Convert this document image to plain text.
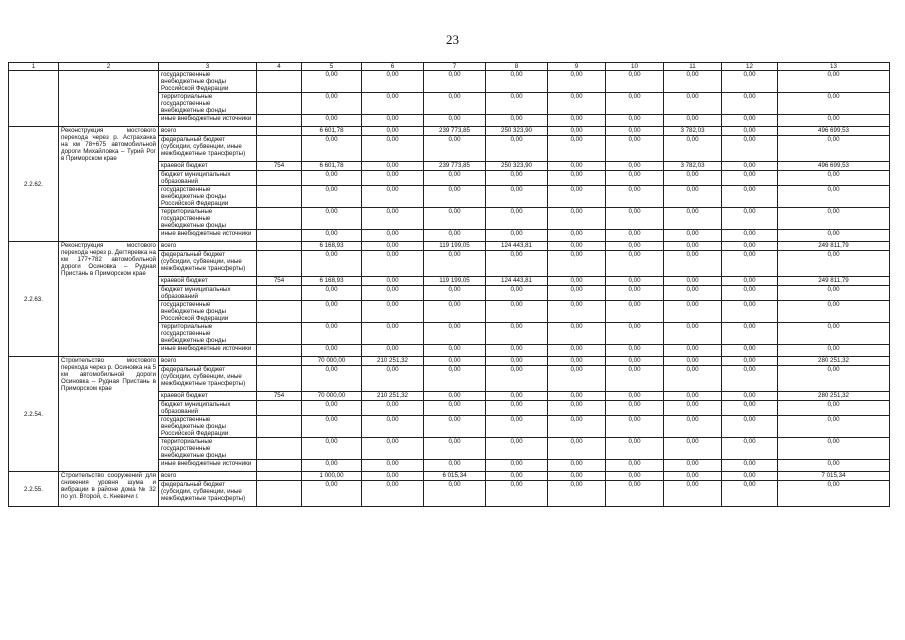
23
1	2	3	4	5	6	7	8	9	10	11	12	13
		государственные внебюджетные фонды Российской Федерации		0,00	0,00	0,00	0,00	0,00	0,00	0,00	0,00	0,00
		территориальные государственные внебюджетные фонды		0,00	0,00	0,00	0,00	0,00	0,00	0,00	0,00	0,00
		иные внебюджетные источники		0,00	0,00	0,00	0,00	0,00	0,00	0,00	0,00	0,00
2.2.62.	Реконструкция мостового перехода через р. Астраханка на км 78+675 автомобильной дороги Михайловка – Турий Рог в Приморском крае	всего		6 601,78	0,00	239 773,85	250 323,90	0,00	0,00	3 782,03	0,00	496 699,53
		федеральный бюджет (субсидии, субвенции, иные межбюджетные трансферты)		0,00	0,00	0,00	0,00	0,00	0,00	0,00	0,00	0,00
		краевой бюджет	754	6 601,78	0,00	239 773,85	250 323,90	0,00	0,00	3 782,03	0,00	496 699,53
		бюджет муниципальных образований		0,00	0,00	0,00	0,00	0,00	0,00	0,00	0,00	0,00
		государственные внебюджетные фонды Российской Федерации		0,00	0,00	0,00	0,00	0,00	0,00	0,00	0,00	0,00
		территориальные государственные внебюджетные фонды		0,00	0,00	0,00	0,00	0,00	0,00	0,00	0,00	0,00
		иные внебюджетные источники		0,00	0,00	0,00	0,00	0,00	0,00	0,00	0,00	0,00
2.2.63.	Реконструкция мостового перехода через р. Дегтяревка на км 177+782 автомобильной дороги Осиновка – Рудная Пристань в Приморском крае	всего		6 168,93	0,00	119 199,05	124 443,81	0,00	0,00	0,00	0,00	249 811,79
		федеральный бюджет (субсидии, субвенции, иные межбюджетные трансферты)		0,00	0,00	0,00	0,00	0,00	0,00	0,00	0,00	0,00
		краевой бюджет	754	6 168,93	0,00	119 199,05	124 443,81	0,00	0,00	0,00	0,00	249 811,79
		бюджет муниципальных образований		0,00	0,00	0,00	0,00	0,00	0,00	0,00	0,00	0,00
		государственные внебюджетные фонды Российской Федерации		0,00	0,00	0,00	0,00	0,00	0,00	0,00	0,00	0,00
		территориальные государственные внебюджетные фонды		0,00	0,00	0,00	0,00	0,00	0,00	0,00	0,00	0,00
		иные внебюджетные источники		0,00	0,00	0,00	0,00	0,00	0,00	0,00	0,00	0,00
2.2.54.	Строительство мостового перехода через р. Осиновка на 5 км автомобильной дороги Осиновка – Рудная Пристань в Приморском крае	всего		70 000,00	210 251,32	0,00	0,00	0,00	0,00	0,00	0,00	280 251,32
		федеральный бюджет (субсидии, субвенции, иные межбюджетные трансферты)		0,00	0,00	0,00	0,00	0,00	0,00	0,00	0,00	0,00
		краевой бюджет	754	70 000,00	210 251,32	0,00	0,00	0,00	0,00	0,00	0,00	280 251,32
		бюджет муниципальных образований		0,00	0,00	0,00	0,00	0,00	0,00	0,00	0,00	0,00
		государственные внебюджетные фонды Российской Федерации		0,00	0,00	0,00	0,00	0,00	0,00	0,00	0,00	0,00
		территориальные государственные внебюджетные фонды		0,00	0,00	0,00	0,00	0,00	0,00	0,00	0,00	0,00
		иные внебюджетные источники		0,00	0,00	0,00	0,00	0,00	0,00	0,00	0,00	0,00
2.2.55.	Строительство сооружений для снижения уровня шума и вибрации в районе дома № 32 по ул. Второй, с. Кневичи г.	всего		1 000,00	0,00	6 015,34	0,00	0,00	0,00	0,00	0,00	7 015,34
		федеральный бюджет (субсидии, субвенции, иные межбюджетные трансферты)		0,00	0,00	0,00	0,00	0,00	0,00	0,00	0,00	0,00
